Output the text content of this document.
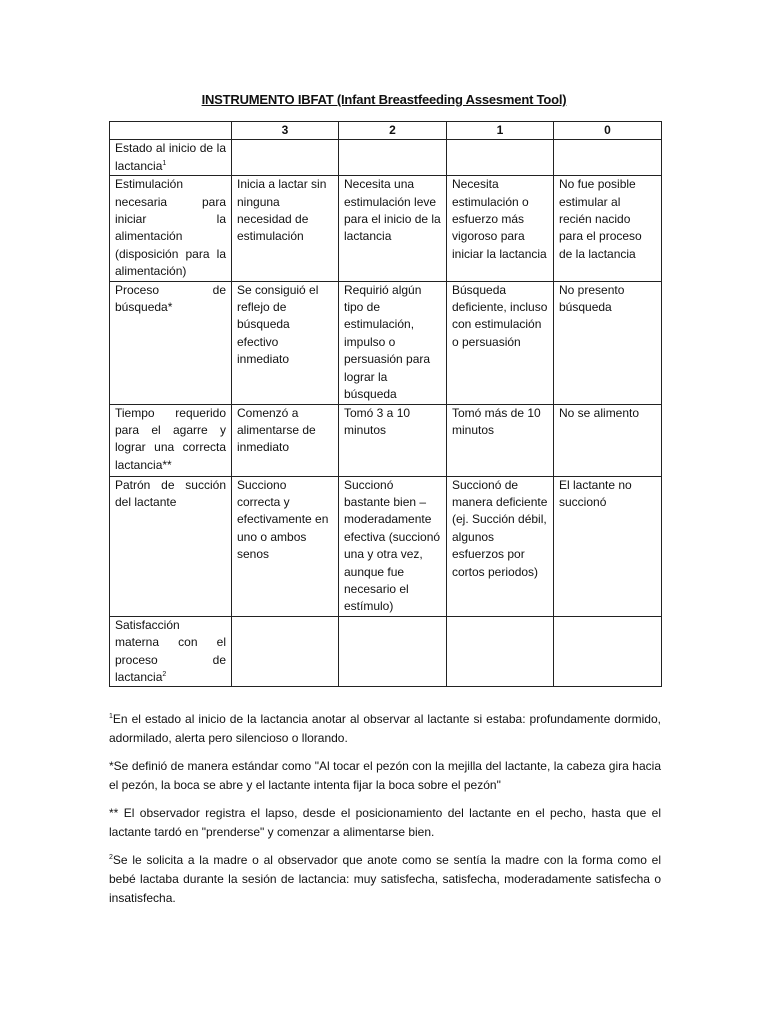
INSTRUMENTO IBFAT (Infant Breastfeeding Assesment Tool)
	3	2	1	0
Estado al inicio de la lactancia$^1$				
Estimulación necesaria para iniciar la alimentación (disposición para la alimentación)	Inicia a lactar sin ninguna necesidad de estimulación	Necesita una estimulación leve para el inicio de la lactancia	Necesita estimulación o esfuerzo más vigoroso para iniciar la lactancia	No fue posible estimular al recién nacido para el proceso de la lactancia
Proceso de búsqueda*	Se consiguió el reflejo de búsqueda efectivo inmediato	Requirió algún tipo de estimulación, impulso o persuasión para lograr la búsqueda	Búsqueda deficiente, incluso con estimulación o persuasión	No presento búsqueda
Tiempo requerido para el agarre y lograr una correcta lactancia**	Comenzó a alimentarse de inmediato	Tomó 3 a 10 minutos	Tomó más de 10 minutos	No se alimento
Patrón de succión del lactante	Succiono correcta y efectivamente en uno o ambos senos	Succionó bastante bien – moderadamente efectiva (succionó una y otra vez, aunque fue necesario el estímulo)	Succionó de manera deficiente (ej. Succión débil, algunos esfuerzos por cortos periodos)	El lactante no succionó
Satisfacción materna con el proceso de lactancia$^2$				

$^1$En el estado al inicio de la lactancia anotar al observar al lactante si estaba: profundamente dormido, adormilado, alerta pero silencioso o llorando.

*Se definió de manera estándar como "Al tocar el pezón con la mejilla del lactante, la cabeza gira hacia el pezón, la boca se abre y el lactante intenta fijar la boca sobre el pezón"

** El observador registra el lapso, desde el posicionamiento del lactante en el pecho, hasta que el lactante tardó en "prenderse" y comenzar a alimentarse bien.

$^2$Se le solicita a la madre o al observador que anote como se sentía la madre con la forma como el bebé lactaba durante la sesión de lactancia: muy satisfecha, satisfecha, moderadamente satisfecha o insatisfecha.
